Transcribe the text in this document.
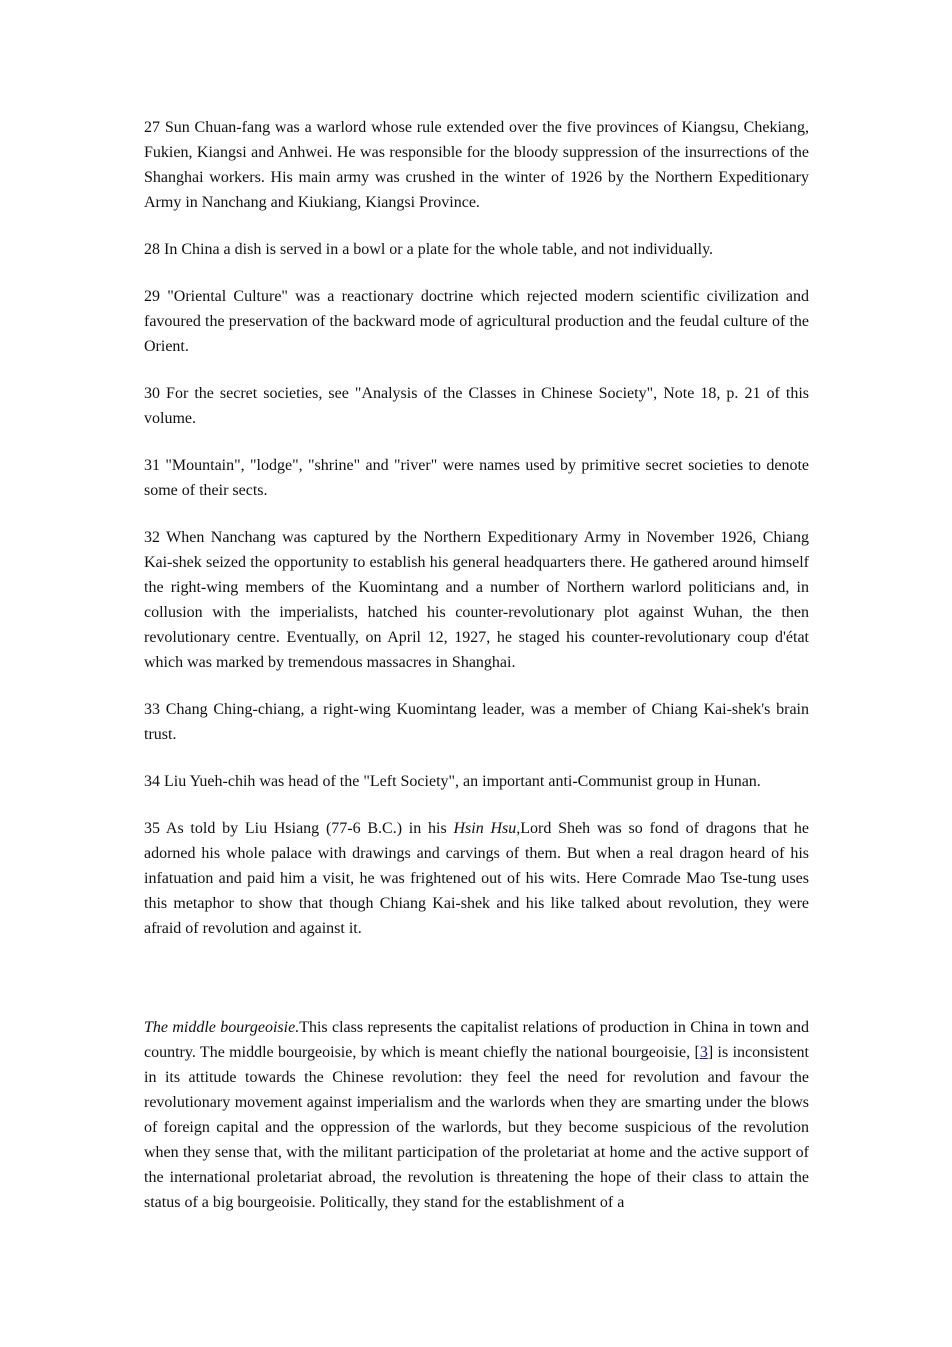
27 Sun Chuan-fang was a warlord whose rule extended over the five provinces of Kiangsu, Chekiang, Fukien, Kiangsi and Anhwei. He was responsible for the bloody suppression of the insurrections of the Shanghai workers. His main army was crushed in the winter of 1926 by the Northern Expeditionary Army in Nanchang and Kiukiang, Kiangsi Province.

28 In China a dish is served in a bowl or a plate for the whole table, and not individually.

29 "Oriental Culture" was a reactionary doctrine which rejected modern scientific civilization and favoured the preservation of the backward mode of agricultural production and the feudal culture of the Orient.

30 For the secret societies, see "Analysis of the Classes in Chinese Society", Note 18, p. 21 of this volume.

31 "Mountain", "lodge", "shrine" and "river" were names used by primitive secret societies to denote some of their sects.

32 When Nanchang was captured by the Northern Expeditionary Army in November 1926, Chiang Kai-shek seized the opportunity to establish his general headquarters there. He gathered around himself the right-wing members of the Kuomintang and a number of Northern warlord politicians and, in collusion with the imperialists, hatched his counter-revolutionary plot against Wuhan, the then revolutionary centre. Eventually, on April 12, 1927, he staged his counter-revolutionary coup d'état which was marked by tremendous massacres in Shanghai.

33 Chang Ching-chiang, a right-wing Kuomintang leader, was a member of Chiang Kai-shek's brain trust.

34 Liu Yueh-chih was head of the "Left Society", an important anti-Communist group in Hunan.

35 As told by Liu Hsiang (77-6 B.C.) in his Hsin Hsu,Lord Sheh was so fond of dragons that he adorned his whole palace with drawings and carvings of them. But when a real dragon heard of his infatuation and paid him a visit, he was frightened out of his wits. Here Comrade Mao Tse-tung uses this metaphor to show that though Chiang Kai-shek and his like talked about revolution, they were afraid of revolution and against it.

The middle bourgeoisie.This class represents the capitalist relations of production in China in town and country. The middle bourgeoisie, by which is meant chiefly the national bourgeoisie, [3] is inconsistent in its attitude towards the Chinese revolution: they feel the need for revolution and favour the revolutionary movement against imperialism and the warlords when they are smarting under the blows of foreign capital and the oppression of the warlords, but they become suspicious of the revolution when they sense that, with the militant participation of the proletariat at home and the active support of the international proletariat abroad, the revolution is threatening the hope of their class to attain the status of a big bourgeoisie. Politically, they stand for the establishment of a
